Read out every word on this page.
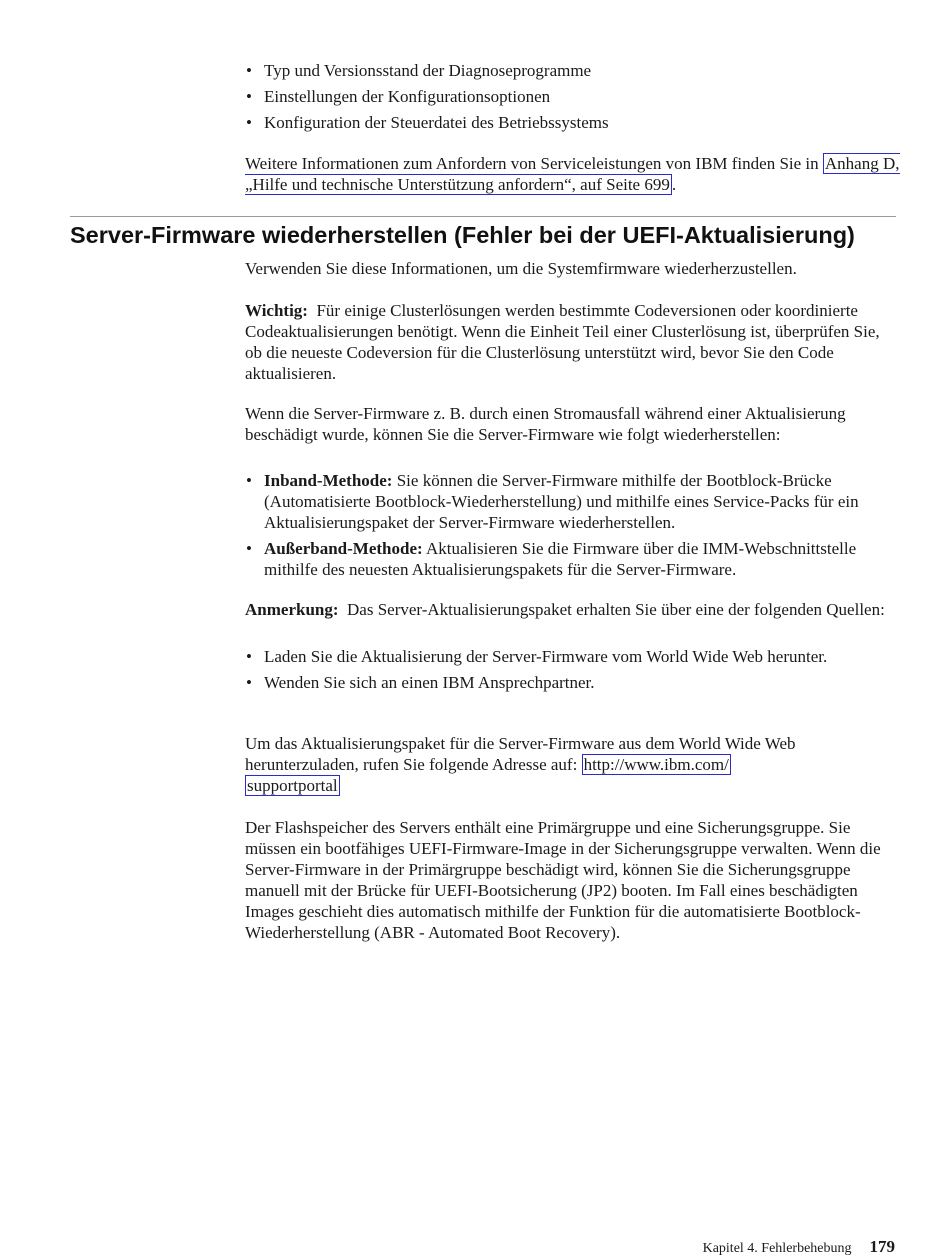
• Typ und Versionsstand der Diagnoseprogramme
• Einstellungen der Konfigurationsoptionen
• Konfiguration der Steuerdatei des Betriebssystems

Weitere Informationen zum Anfordern von Serviceleistungen von IBM finden Sie in Anhang D, „Hilfe und technische Unterstützung anfordern“, auf Seite 699 .

Server-Firmware wiederherstellen (Fehler bei der UEFI-Aktualisierung)

Verwenden Sie diese Informationen, um die Systemfirmware wiederherzustellen.

Wichtig: Für einige Clusterlösungen werden bestimmte Codeversionen oder koordinierte Codeaktualisierungen benötigt. Wenn die Einheit Teil einer Clusterlösung ist, überprüfen Sie, ob die neueste Codeversion für die Clusterlösung unterstützt wird, bevor Sie den Code aktualisieren.

Wenn die Server-Firmware z. B. durch einen Stromausfall während einer Aktualisierung beschädigt wurde, können Sie die Server-Firmware wie folgt wiederherstellen:

• Inband-Methode: Sie können die Server-Firmware mithilfe der Bootblock-Brücke (Automatisierte Bootblock-Wiederherstellung) und mithilfe eines Service-Packs für ein Aktualisierungspaket der Server-Firmware wiederherstellen.
• Außerband-Methode: Aktualisieren Sie die Firmware über die IMM-Webschnittstelle mithilfe des neuesten Aktualisierungspakets für die Server-Firmware.

Anmerkung: Das Server-Aktualisierungspaket erhalten Sie über eine der folgenden Quellen:

• Laden Sie die Aktualisierung der Server-Firmware vom World Wide Web herunter.
• Wenden Sie sich an einen IBM Ansprechpartner.

Um das Aktualisierungspaket für die Server-Firmware aus dem World Wide Web herunterzuladen, rufen Sie folgende Adresse auf: http://www.ibm.com/
supportportal

Der Flashspeicher des Servers enthält eine Primärgruppe und eine Sicherungsgruppe. Sie müssen ein bootfähiges UEFI-Firmware-Image in der Sicherungsgruppe verwalten. Wenn die Server-Firmware in der Primärgruppe beschädigt wird, können Sie die Sicherungsgruppe manuell mit der Brücke für UEFI-Bootsicherung (JP2) booten. Im Fall eines beschädigten Images geschieht dies automatisch mithilfe der Funktion für die automatisierte Bootblock-Wiederherstellung (ABR - Automated Boot Recovery).

Kapitel 4. Fehlerbehebung 179
